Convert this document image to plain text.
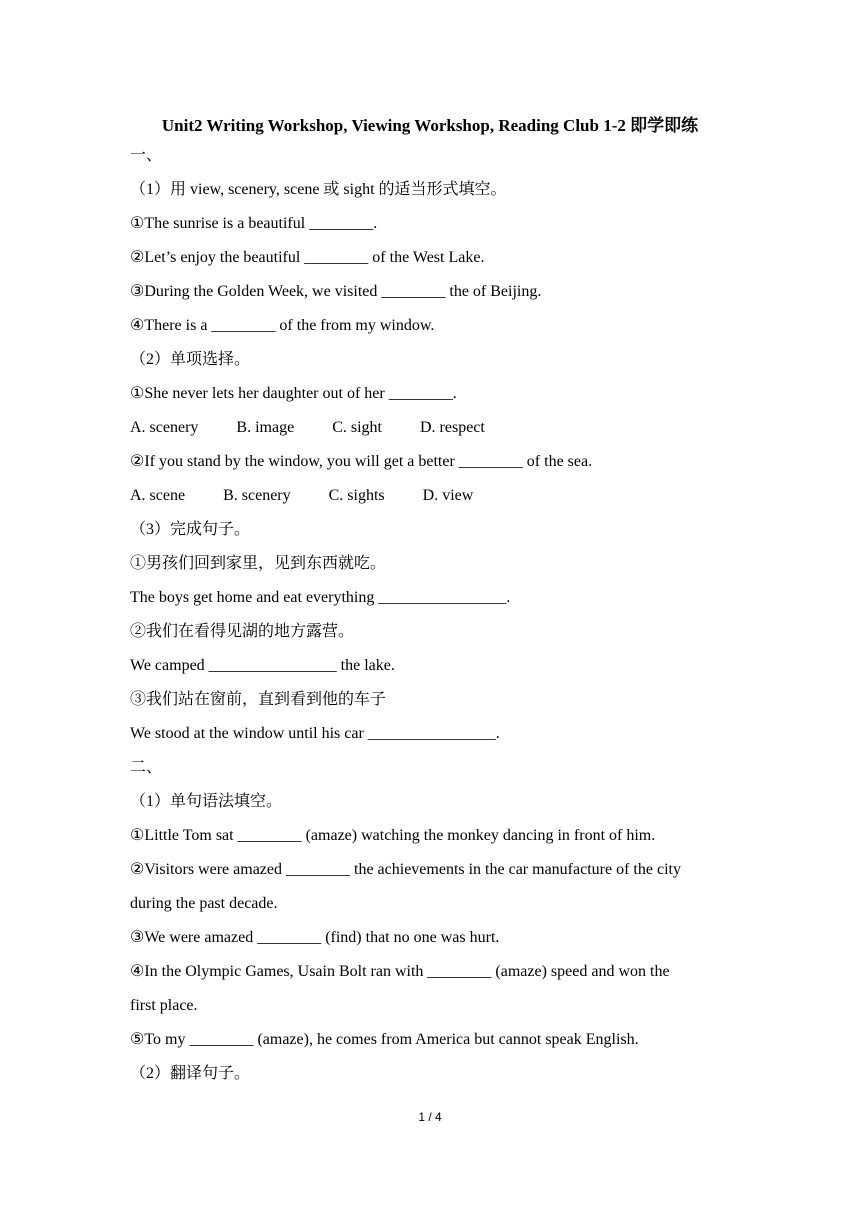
Unit2 Writing Workshop, Viewing Workshop, Reading Club 1-2 即学即练
一、
（1）用 view, scenery, scene 或 sight 的适当形式填空。
①The sunrise is a beautiful ________.
②Let’s enjoy the beautiful ________ of the West Lake.
③During the Golden Week, we visited ________ the of Beijing.
④There is a ________ of the from my window.
（2）单项选择。
①She never lets her daughter out of her ________.
A. scenery B. image C. sight D. respect
②If you stand by the window, you will get a better ________ of the sea.
A. scene B. scenery C. sights D. view
（3）完成句子。
①男孩们回到家里，见到东西就吃。
The boys get home and eat everything ________________.
②我们在看得见湖的地方露营。
We camped ________________ the lake.
③我们站在窗前，直到看到他的车子
We stood at the window until his car ________________.
二、
（1）单句语法填空。
①Little Tom sat ________ (amaze) watching the monkey dancing in front of him.
②Visitors were amazed ________ the achievements in the car manufacture of the city
during the past decade.
③We were amazed ________ (find) that no one was hurt.
④In the Olympic Games, Usain Bolt ran with ________ (amaze) speed and won the
first place.
⑤To my ________ (amaze), he comes from America but cannot speak English.
（2）翻译句子。
1 / 4
